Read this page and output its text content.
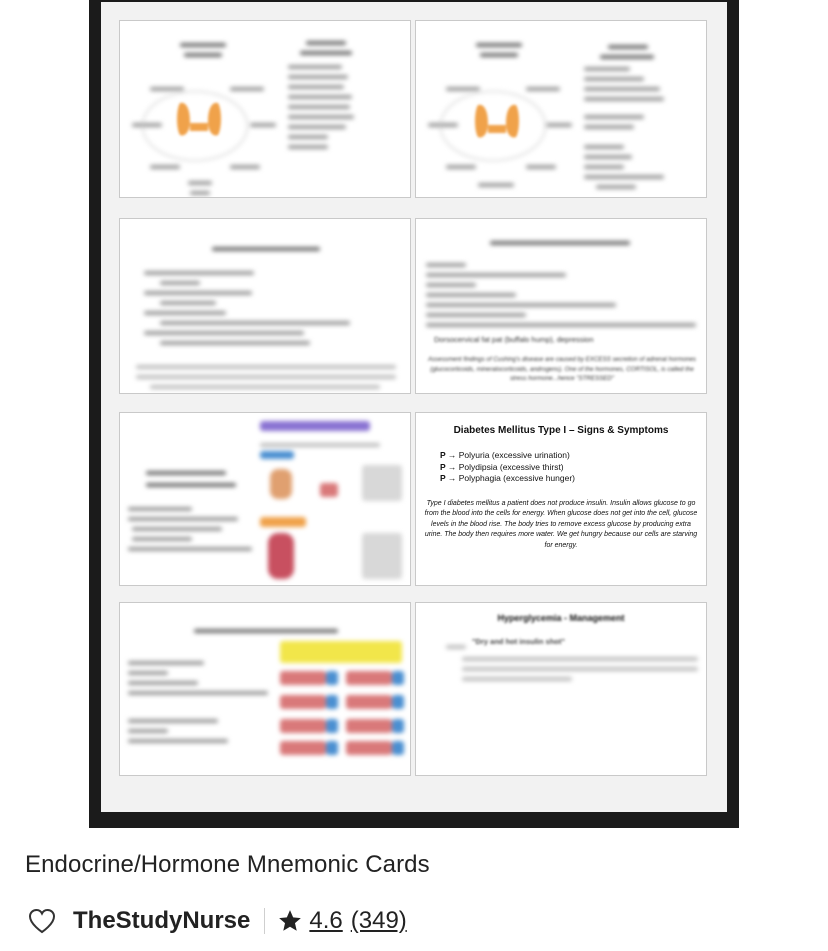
Dorsocervical fat pat (buffalo hump), depression
Assessment findings of Cushing's disease are caused by EXCESS secretion of adrenal hormones (glucocorticoids, mineralocorticoids, androgens). One of the hormones, CORTISOL, is called the stress hormone...hence "STRESSED"
Diabetes Mellitus Type I – Signs & Symptoms
P → Polyuria (excessive urination)
P → Polydipsia (excessive thirst)
P → Polyphagia (excessive hunger)
Type I diabetes mellitus a patient does not produce insulin. Insulin allows glucose to go from the blood into the cells for energy. When glucose does not get into the cell, glucose levels in the blood rise. The body tries to remove excess glucose by producing extra urine. The body then requires more water. We get hungry because our cells are starving for energy.
Hyperglycemia - Management
"Dry and hot insulin shot"
Endocrine/Hormone Mnemonic Cards
TheStudyNurse 4.6 (349)
